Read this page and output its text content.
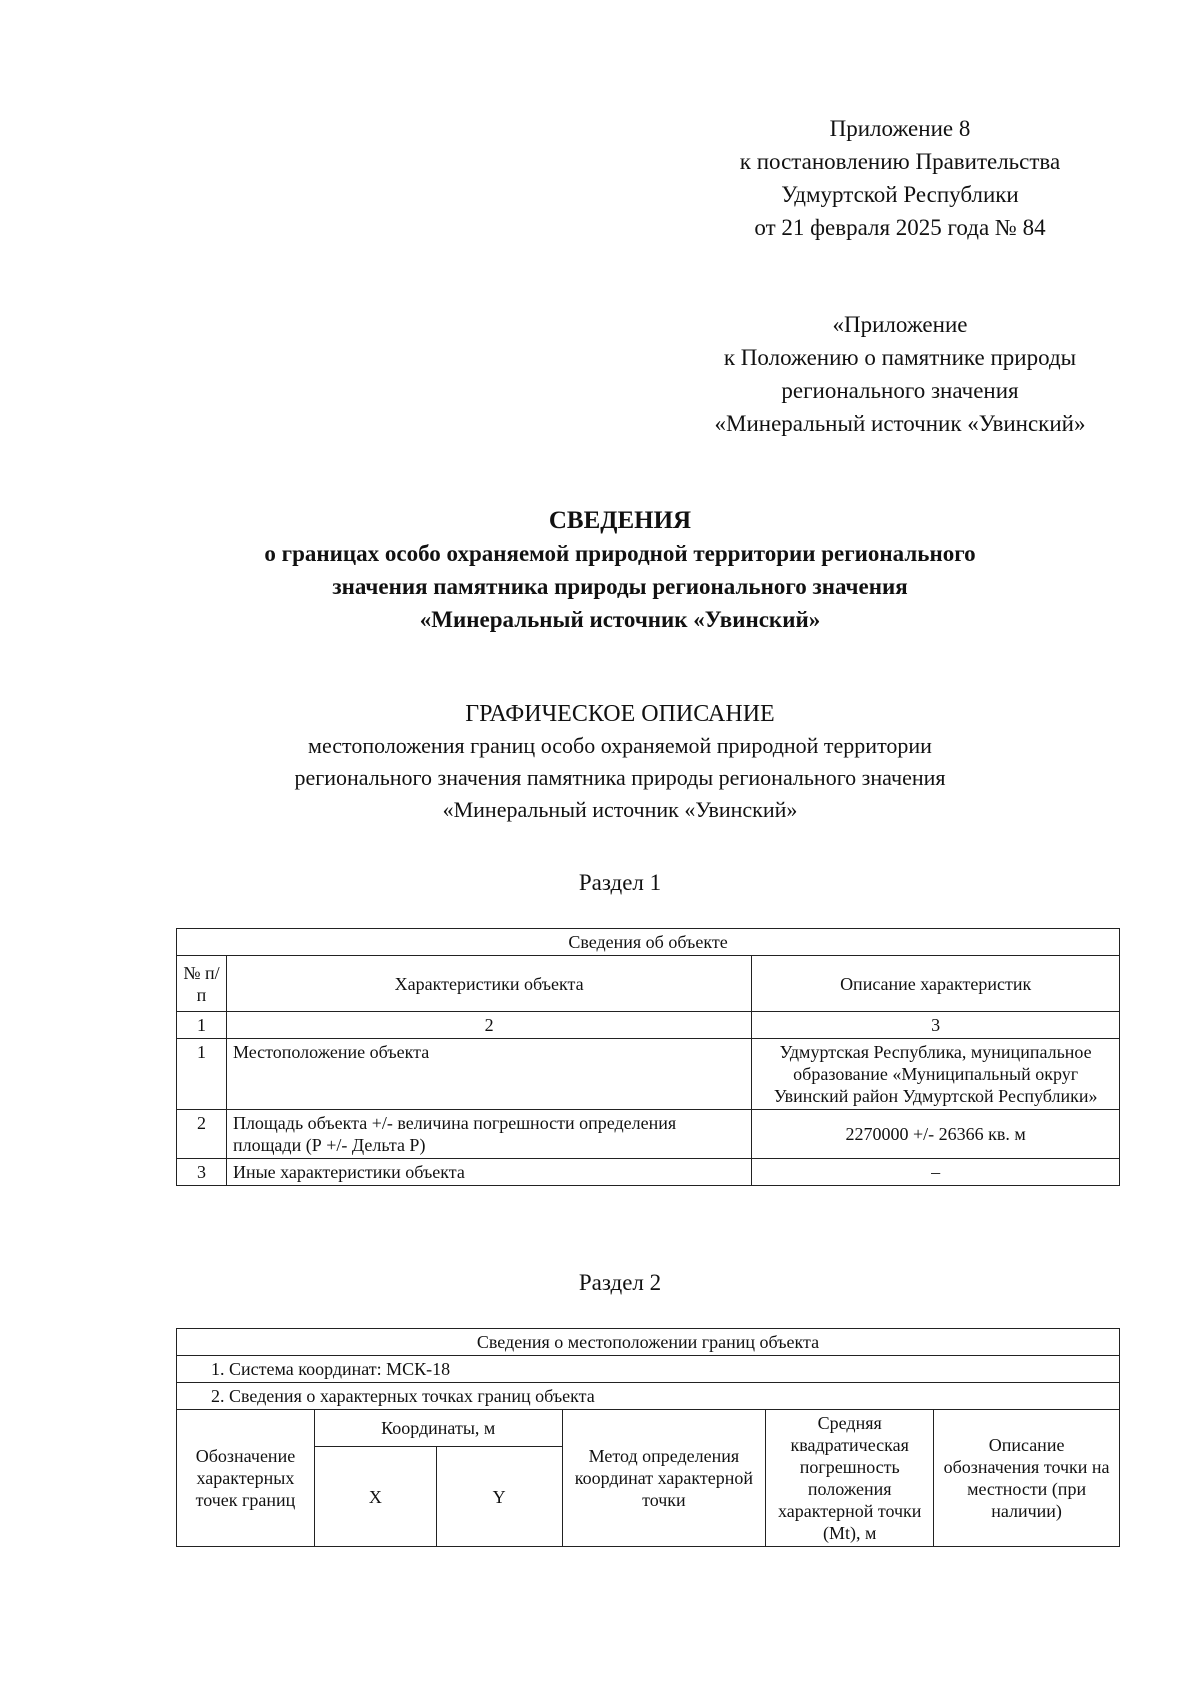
Приложение 8
к постановлению Правительства
Удмуртской Республики
от 21 февраля 2025 года № 84
«Приложение
к Положению о памятнике природы
регионального значения
«Минеральный источник «Увинский»
СВЕДЕНИЯ
о границах особо охраняемой природной территории регионального
значения памятника природы регионального значения
«Минеральный источник «Увинский»
ГРАФИЧЕСКОЕ ОПИСАНИЕ
местоположения границ особо охраняемой природной территории
регионального значения памятника природы регионального значения
«Минеральный источник «Увинский»
Раздел 1
Сведения об объекте		
№ п/п	Характеристики объекта	Описание характеристик
1	2	3
1	Местоположение объекта	Удмуртская Республика, муниципальное образование «Муниципальный округ Увинский район Удмуртской Республики»
2	Площадь объекта +/- величина погрешности определения площади (Р +/- Дельта Р)	2270000 +/- 26366 кв. м
3	Иные характеристики объекта	–
Раздел 2
Сведения о местоположении границ объекта					
1. Система координат: МСК-18					
2. Сведения о характерных точках границ объекта					
Обозначение характерных точек границ	Координаты, м		Метод определения координат характерной точки	Средняя квадратическая погрешность положения характерной точки (Мt), м	Описание обозначения точки на местности (при наличии)
	X	Y			
